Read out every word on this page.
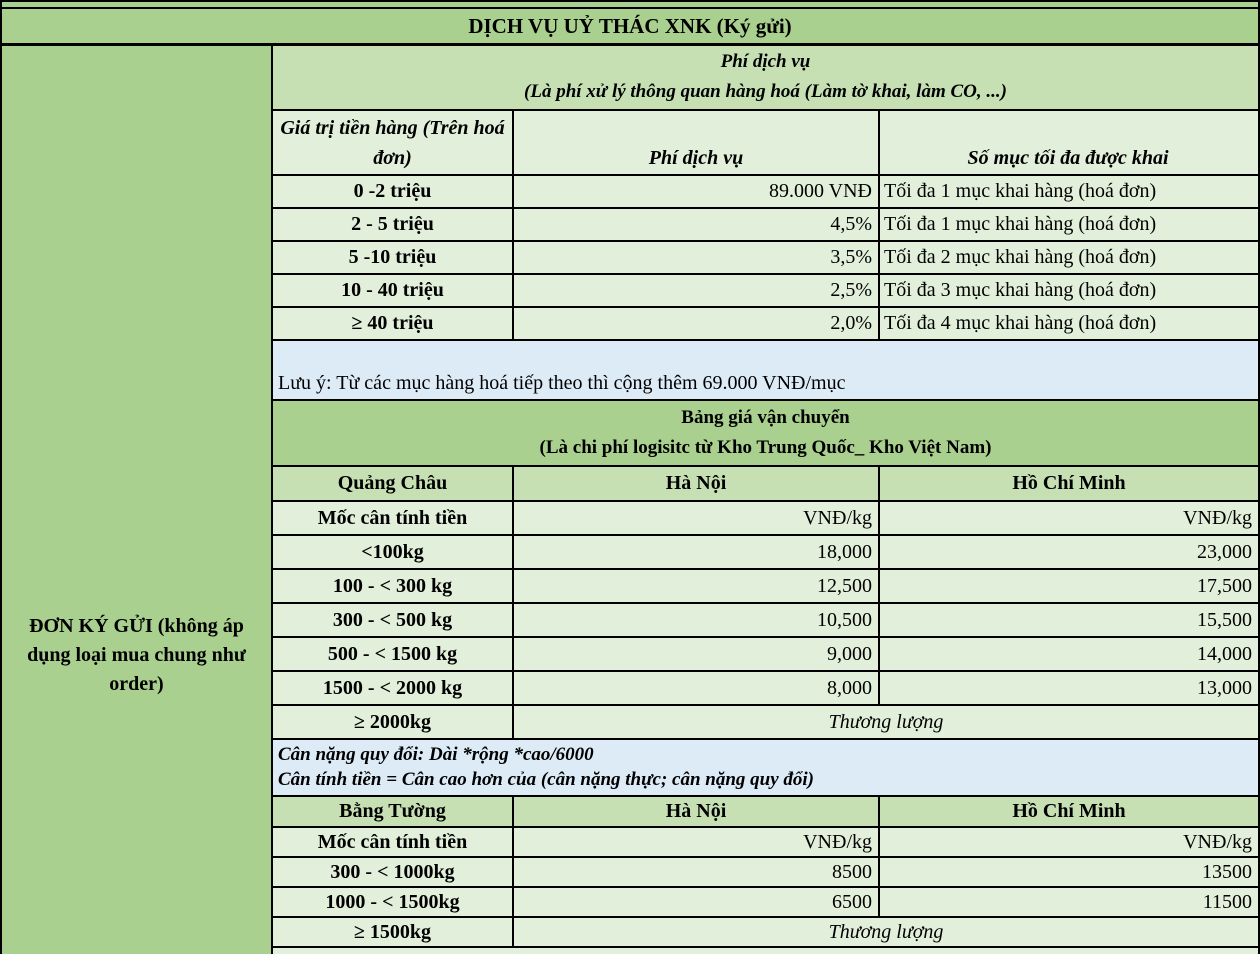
DỊCH VỤ UỶ THÁC XNK (Ký gửi)
ĐƠN KÝ GỬI (không áp dụng loại mua chung như order)
Phí dịch vụ
(Là phí xử lý thông quan hàng hoá (Làm tờ khai, làm CO, ...)
Giá trị tiền hàng (Trên hoá đơn)	Phí dịch vụ	Số mục tối đa được khai
0 -2 triệu	89.000 VNĐ	Tối đa 1 mục khai hàng (hoá đơn)
2 - 5 triệu	4,5%	Tối đa 1 mục khai hàng (hoá đơn)
5 -10 triệu	3,5%	Tối đa 2 mục khai hàng (hoá đơn)
10 - 40 triệu	2,5%	Tối đa 3 mục khai hàng (hoá đơn)
≥ 40 triệu	2,0%	Tối đa 4 mục khai hàng (hoá đơn)
Lưu ý: Từ các mục hàng hoá tiếp theo thì cộng thêm 69.000 VNĐ/mục
Bảng giá vận chuyển
(Là chi phí logisitc từ Kho Trung Quốc_ Kho Việt Nam)
Quảng Châu	Hà Nội	Hồ Chí Minh
Mốc cân tính tiền	VNĐ/kg	VNĐ/kg
<100kg	18,000	23,000
100 - < 300 kg	12,500	17,500
300 - < 500 kg	10,500	15,500
500 - < 1500 kg	9,000	14,000
1500 - < 2000 kg	8,000	13,000
≥ 2000kg	Thương lượng	
Cân nặng quy đổi: Dài *rộng *cao/6000
Cân tính tiền = Cân cao hơn của (cân nặng thực; cân nặng quy đổi)
Bằng Tường	Hà Nội	Hồ Chí Minh
Mốc cân tính tiền	VNĐ/kg	VNĐ/kg
300 - < 1000kg	8500	13500
1000 - < 1500kg	6500	11500
≥ 1500kg	Thương lượng	
